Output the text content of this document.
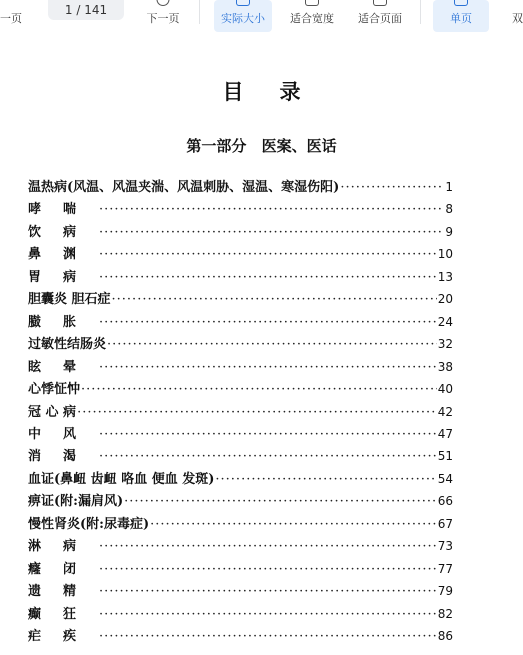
一页
1 / 141
下一页	实际大小 适合宽度 适合页面	单页	双
目录
第一部分 医案、医话
温热病(风温、风温夹湍、风温刺胁、湿温、寒湿伤阳) ·····	1
哮喘 ·····	8
饮病 ·····	9
鼻渊 ·····	10
胃病 ·····	13
胆囊炎 胆石症 ·····	20
臌胀 ·····	24
过敏性结肠炎 ·····	32
眩晕 ·····	38
心悸怔忡 ·····	40
冠 心 病 ·····	42
中风 ·····	47
消渴 ·····	51
血证(鼻衄 齿衄 咯血 便血 发斑) ·····	54
痹证(附:漏肩风) ·····	66
慢性肾炎(附:尿毒症) ·····	67
淋病 ·····	73
癃闭 ·····	77
遗精 ·····	79
癫狂 ·····	82
疟疾 ·····	86
